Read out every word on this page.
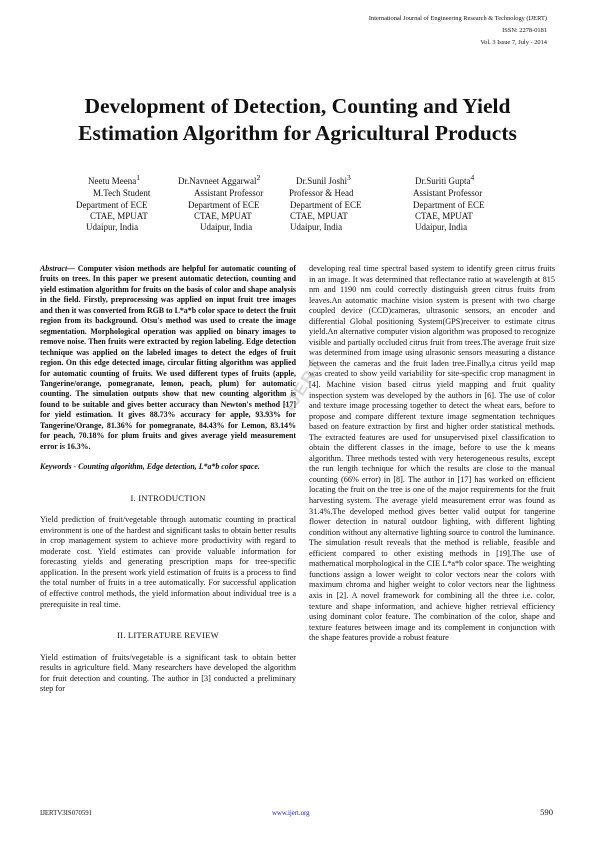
International Journal of Engineering Research & Technology (IJERT)
ISSN: 2278-0181
Vol. 3 Issue 7, July - 2014
Development of Detection, Counting and Yield Estimation Algorithm for Agricultural Products
Neetu Meena$^1$
M.Tech Student
Department of ECE
CTAE, MPUAT
Udaipur, India
Dr.Navneet Aggarwal$^2$
Assistant Professor
Department of ECE
CTAE, MPUAT
Udaipur, India
Dr.Sunil Joshi$^3$
Professor & Head
Department of ECE
CTAE, MPUAT
Udaipur, India
Dr.Suriti Gupta$^4$
Assistant Professor
Department of ECE
CTAE, MPUAT
Udaipur, India
Abstract— Computer vision methods are helpful for automatic counting of fruits on trees. In this paper we present automatic detection, counting and yield estimation algorithm for fruits on the basis of color and shape analysis in the field. Firstly, preprocessing was applied on input fruit tree images and then it was converted from RGB to L*a*b color space to detect the fruit region from its background. Otsu's method was used to create the image segmentation. Morphological operation was applied on binary images to remove noise. Then fruits were extracted by region labeling. Edge detection technique was applied on the labeled images to detect the edges of fruit region. On this edge detected image, circular fitting algorithm was applied for automatic counting of fruits. We used different types of fruits (apple, Tangerine/orange, pomegranate, lemon, peach, plum) for automatic counting. The simulation outputs show that new counting algorithm is found to be suitable and gives better accuracy than Newton's method [17] for yield estimation. It gives 88.73% accuracy for apple, 93.93% for Tangerine/Orange, 81.36% for pomegranate, 84.43% for Lemon, 83.14% for peach, 70.18% for plum fruits and gives average yield measurement error is 16.3%.
Keywords - Counting algorithm, Edge detection, L*a*b color space.
I. INTRODUCTION

Yield prediction of fruit/vegetable through automatic counting in practical environment is one of the hardest and significant tasks to obtain better results in crop management system to achieve more productivity with regard to moderate cost. Yield estimates can provide valuable information for forecasting yields and generating prescription maps for tree-specific application. In the present work yield estimation of fruits is a process to find the total number of fruits in a tree automatically. For successful application of effective control methods, the yield information about individual tree is a prerequisite in real time.

II. LITERATURE REVIEW

Yield estimation of fruits/vegetable is a significant task to obtain better results in agriculture field. Many researchers have developed the algorithm for fruit detection and counting. The author in [3] conducted a preliminary step for

developing real time spectral based system to identify green citrus fruits in an image. It was determined that reflectance ratio at wavelength at 815 nm and 1190 nm could correctly distinguish green citrus fruits from leaves.An automatic machine vision system is present with two charge coupled device (CCD)cameras, ultrasonic sensors, an encoder and differential Global positioning System(GPS)receiver to estimate citrus yield.An alternative computer vision algorithm was proposed to recognize visible and partially occluded citrus fruit from trees.The average fruit size was determined from image using ulrasonic sensors measuring a distance between the cameras and the fruit laden tree.Finally,a citrus yeild map was created to show yeild variability for site-specific crop managment in [4]. Machine vision based citrus yield mapping and fruit quality inspection system was developed by the authors in [6]. The use of color and texture image processing together to detect the wheat ears, before to propose and compare different texture image segmentation techniques based on feature extraction by first and higher order statistical methods. The extracted features are used for unsupervised pixel classification to obtain the different classes in the image, before to use the k means algorithm. Three methods tested with very heterogeneous results, except the run length technique for which the results are close to the manual counting (66% error) in [8]. The author in [17] has worked on efficient locating the fruit on the tree is one of the major requirements for the fruit harvesting system. The average yield measurement error was found as 31.4%.The developed method gives better valid output for tangerine flower detection in natural outdoor lighting, with different lighting condition without any alternative lighting source to control the luminance. The simulation result reveals that the method is reliable, feasible and efficient compared to other existing methods in [19].The use of mathematical morphological in the CIE L*a*b color space. The weighting functions assign a lower weight to color vectors near the colors with maximum chroma and higher weight to color vectors near the lightness axis in [2]. A novel framework for combining all the three i.e. color, texture and shape information, and achieve higher retrieval efficiency using dominant color feature. The combination of the color, shape and texture features between image and its complement in conjunction with the shape features provide a robust feature

IJERT
IJERTV3IS070591	www.ijert.org	590
